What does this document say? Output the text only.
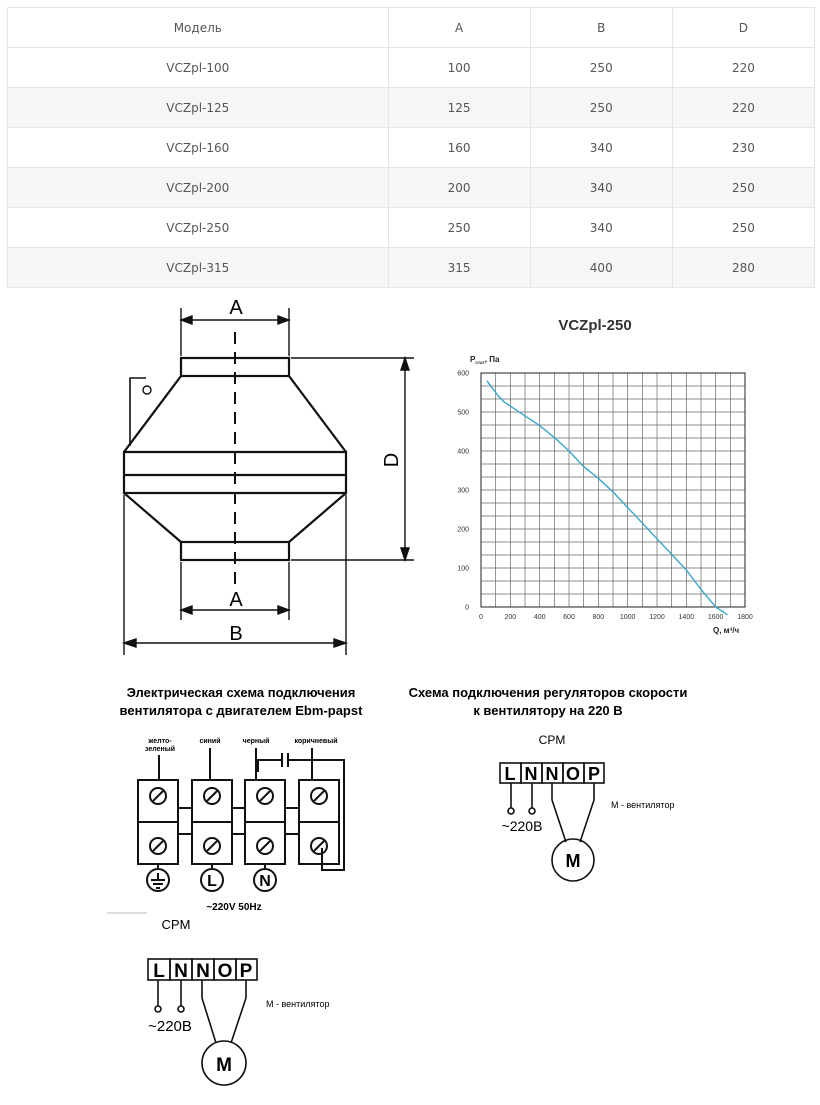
Модель	A	B	D
VCZpl-100	100	250	220
VCZpl-125	125	250	220
VCZpl-160	160	340	230
VCZpl-200	200	340	250
VCZpl-250	250	340	250
VCZpl-315	315	400	280
A
A
B
D
VCZpl-250
$Р_{стат}$, Па
Q, м³/ч
0	200	400	600	800 1000 1200 1400 1600 1800
0
100
200
300
400
500
600
Электрическая схема подключения
вентилятора с двигателем Ebm-papst
желто-
зеленый
синий	черный	коричневый
L	N
~220V 50Hz
Схема подключения регуляторов скорости
к вентилятору на 220 В
CPM
L N N O P
~220В
M - вентилятор
M
CPM
L N N O P
~220В
M - вентилятор
M
